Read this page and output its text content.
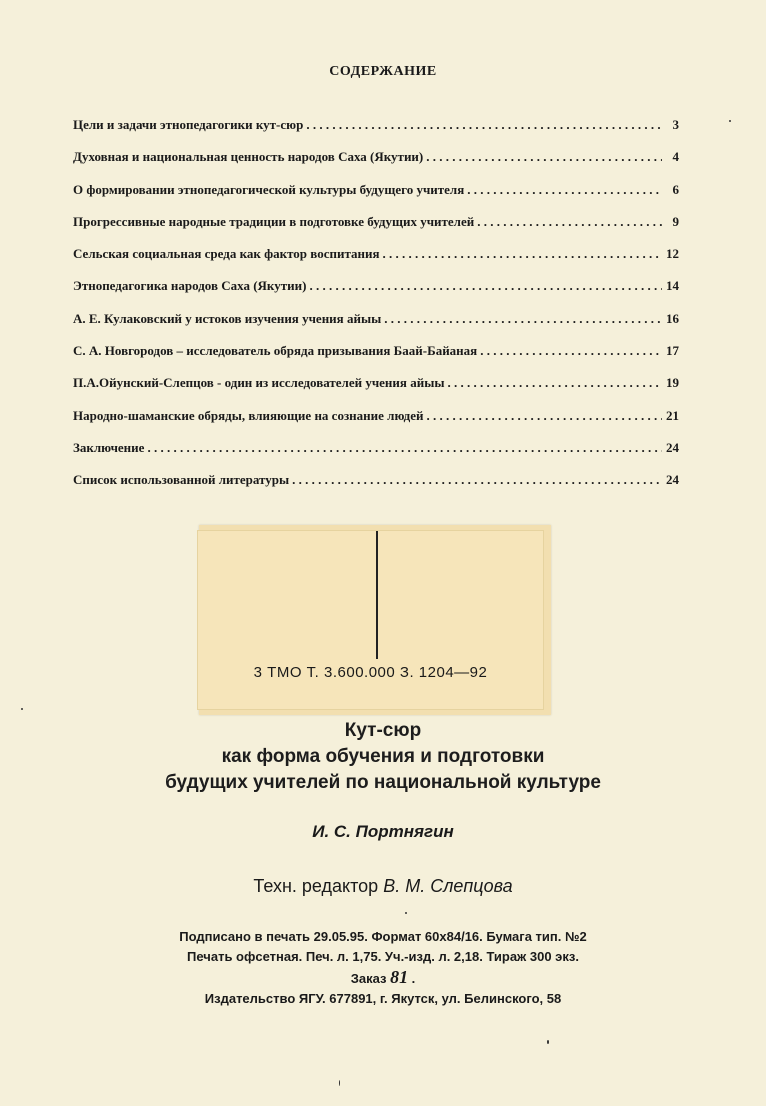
СОДЕРЖАНИЕ
Цели и задачи этнопедагогики кут-сюр . . .	3
Духовная и национальная ценность народов Саха (Якутии) . . .	4
О формировании этнопедагогической культуры будущего учителя . . .	6
Прогрессивные народные традиции в подготовке будущих учителей . . .	9
Сельская социальная среда как фактор воспитания . . .	12
Этнопедагогика народов Саха (Якутии) . . .	14
А. Е. Кулаковский у истоков изучения учения айыы . . .	16
С. А. Новгородов – исследователь обряда призывания Баай-Байаная . . .	17
П.А.Ойунский-Слепцов - один из исследователей учения айыы . . .	19
Народно-шаманские обряды, влияющие на сознание людей . . .	21
Заключение . . .	24
Список использованной литературы . . .	24
3 ТМО Т. 3.600.000 З. 1204—92
Кут-сюр
как форма обучения и подготовки
будущих учителей по национальной культуре
И. С. Портнягин
Техн. редактор В. М. Слепцова
Подписано в печать 29.05.95. Формат 60x84/16. Бумага тип. №2
Печать офсетная. Печ. л. 1,75. Уч.-изд. л. 2,18. Тираж 300 экз.
Заказ 81 .
Издательство ЯГУ. 677891, г. Якутск, ул. Белинского, 58
